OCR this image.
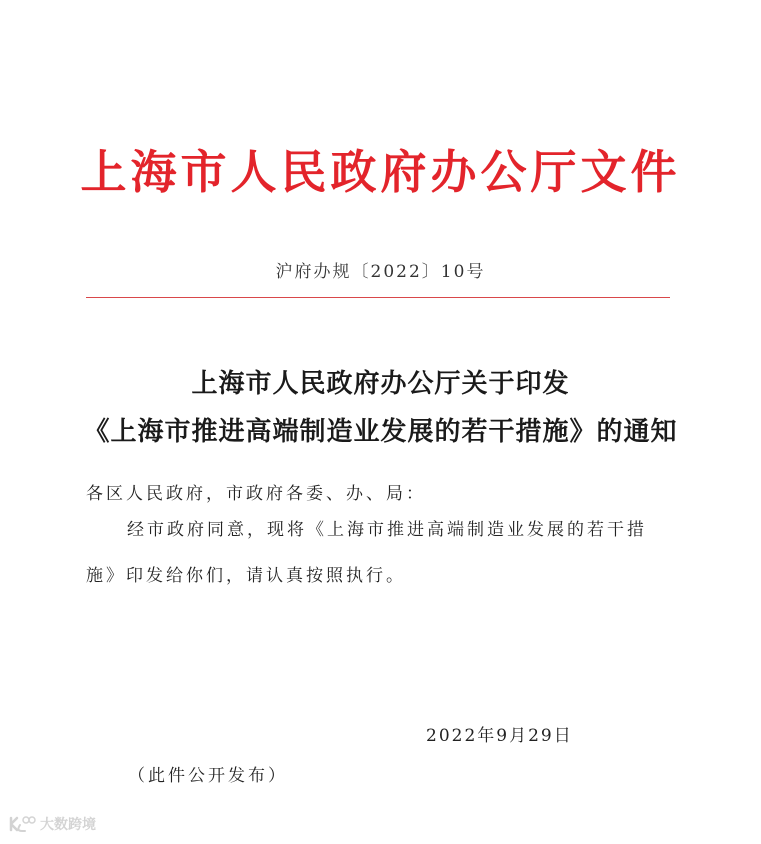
上海市人民政府办公厅文件
沪府办规〔2022〕10号
上海市人民政府办公厅关于印发
《上海市推进高端制造业发展的若干措施》的通知
各区人民政府，市政府各委、办、局：
经市政府同意，现将《上海市推进高端制造业发展的若干措
施》印发给你们，请认真按照执行。
2022年9月29日
（此件公开发布）
大数跨境
